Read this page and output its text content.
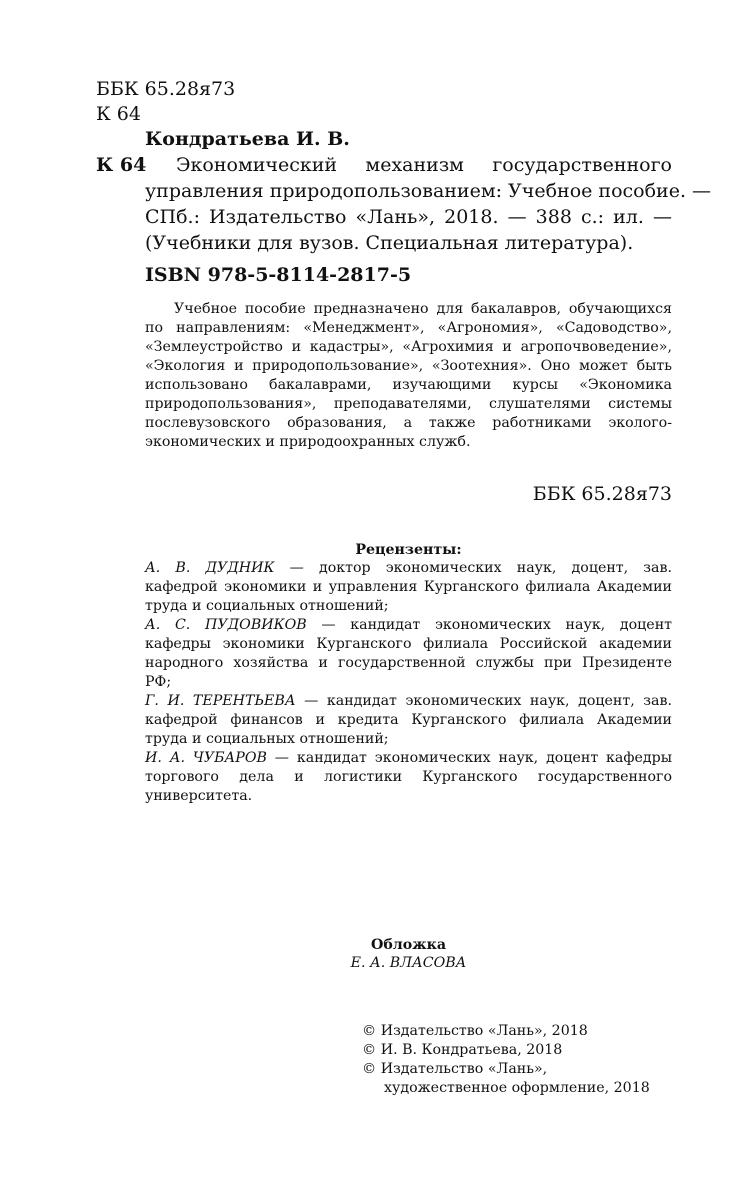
ББК 65.28я73
К 64
Кондратьева И. В.
К 64	Экономический механизм государственного
управления природопользованием: Учебное пособие. —
СПб.: Издательство «Лань», 2018. — 388 с.: ил. —
(Учебники для вузов. Специальная литература).
ISBN 978-5-8114-2817-5
Учебное пособие предназначено для бакалавров, обучающихся
по направлениям: «Менеджмент», «Агрономия», «Садоводство»,
«Землеустройство и кадастры», «Агрохимия и агропочвоведение»,
«Экология и природопользование», «Зоотехния». Оно может быть
использовано бакалаврами, изучающими курсы «Экономика
природопользования», преподавателями, слушателями системы
послевузовского образования, а также работниками эколого-
экономических и природоохранных служб.
ББК 65.28я73
Рецензенты:
А. В. ДУДНИК — доктор экономических наук, доцент, зав.
кафедрой экономики и управления Курганского филиала Академии
труда и социальных отношений;
А. С. ПУДОВИКОВ — кандидат экономических наук, доцент
кафедры экономики Курганского филиала Российской академии
народного хозяйства и государственной службы при Президенте
РФ;
Г. И. ТЕРЕНТЬЕВА — кандидат экономических наук, доцент, зав.
кафедрой финансов и кредита Курганского филиала Академии
труда и социальных отношений;
И. А. ЧУБАРОВ — кандидат экономических наук, доцент кафедры
торгового дела и логистики Курганского государственного
университета.
Обложка
Е. А. ВЛАСОВА
© Издательство «Лань», 2018
© И. В. Кондратьева, 2018
© Издательство «Лань»,
художественное оформление, 2018
